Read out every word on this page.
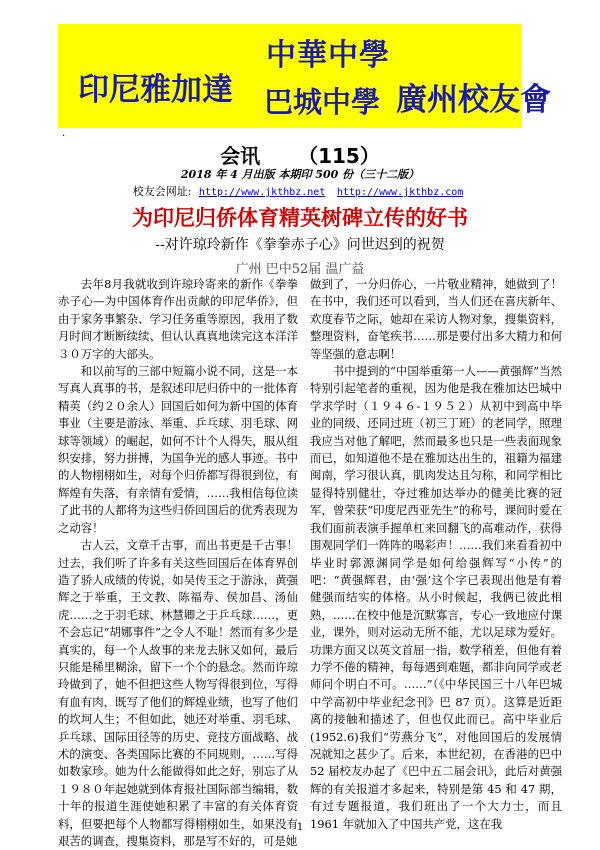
中華中學
印尼雅加達 巴城中學 廣州校友會
.
会讯 （115）
2018 年 4 月出版 本期印 500 份（三十二版）
校友会网址: http://www.jkthbz.net http://www.jkthbz.com
为印尼归侨体育精英树碑立传的好书
--对许琼玲新作《拳拳赤子心》问世迟到的祝贺
广州 巴中52届 温广益

去年8月我就收到许琼玲寄来的新作《拳拳赤子心—为中国体育作出贡献的印尼华侨》，但由于家务事繁杂、学习任务重等原因，我用了数月时间才断断续续、但认认真真地读完这本洋洋３０万字的大部头。

和以前写的三部中短篇小说不同，这是一本写真人真事的书，是叙述印尼归侨中的一批体育精英（约２０余人）回国后如何为新中国的体育事业（主要是游泳、举重、乒乓球、羽毛球、网球等领域）的崛起，如何不计个人得失，服从组织安排，努力拼搏，为国争光的感人事迹。书中的人物栩栩如生，对每个归侨都写得很到位，有辉煌有失落，有亲情有爱情，……我相信每位读了此书的人都将为这些归侨回国后的优秀表现为之动容！

古人云，文章千古事，而出书更是千古事！过去，我们听了许多有关这些回国后在体育界创造了骄人成绩的传说，如吴传玉之于游泳，黄强辉之于举重，王文教、陈福寿、侯加昌、汤仙虎……之于羽毛球、林慧卿之于乒乓球……，更不会忘记“胡娜事件”之令人不耻！然而有多少是真实的，每一个人故事的来龙去脉又如何，最后只能是稀里糊涂，留下一个个的悬念。然而许琼玲做到了，她不但把这些人物写得很到位，写得有血有肉，既写了他们的辉煌业绩，也写了他们的坎坷人生；不但如此，她还对举重、羽毛球、乒乓球、国际田径等的历史、竞技方面战略、战术的演变、各类国际比赛的不同规则，……写得如数家珍。她为什么能做得如此之好，别忘了从１９８０年起她就到体育报社国际部当编辑，数十年的报道生涯使她积累了丰富的有关体育资料，但要把每个人物都写得栩栩如生，如果没有艰苦的调查，搜集资料，那是写不好的，可是她

做到了，一分归侨心，一片敬业精神，她做到了！在书中，我们还可以看到，当人们还在喜庆新年、欢度春节之际，她却在采访人物对象，搜集资料，整理资料，奋笔疾书……那是要付出多大精力和何等坚强的意志啊！

书中提到的“中国举重第一人——黄强辉”当然特别引起笔者的重视，因为他是我在雅加达巴城中学求学时（１９４６-１９５２）从初中到高中毕业的同级、还同过班（初三丁班）的老同学，照理我应当对他了解吧，然而最多也只是一些表面现象而已，如知道他不是在雅加达出生的，祖籍为福建闽南，学习很认真，肌肉发达且匀称，和同学相比显得特别健壮，夺过雅加达举办的健美比赛的冠军，曾荣获“印度尼西亚先生”的称号，课间时爱在我们面前表演手握单杠来回翻飞的高难动作，获得围观同学们一阵阵的喝彩声！……我们来看看初中毕业时郭源渊同学是如何给强辉写“小传”的吧：“黄强辉君，由‘强’这个字已表现出他是有着健强而结实的体格。从小时候起，我俩已彼此相熟，……在校中他是沉默寡言，专心一致地应付课业，课外，则对运动无所不能，尤以足球为爱好。功课方面又以英文首屈一指，数学稍差，但他有着力学不倦的精神，每每遇到难题，都非向同学或老师问个明白不可。……”（《中华民国三十八年巴城中学高初中毕业纪念刊》巴 87 页）。这算是近距离的接触和描述了，但也仅此而已。高中毕业后(1952.6)我们“劳燕分飞”，对他回国后的发展情况就知之甚少了。后来，本世纪初，在香港的巴中 52 届校友办起了《巴中五二届会讯》，此后对黄强辉的有关报道才多起来，特别是第 45 和 47 期，有过专题报道，我们班出了一个大力士，而且 1961 年就加入了中国共产党，这在我

1
